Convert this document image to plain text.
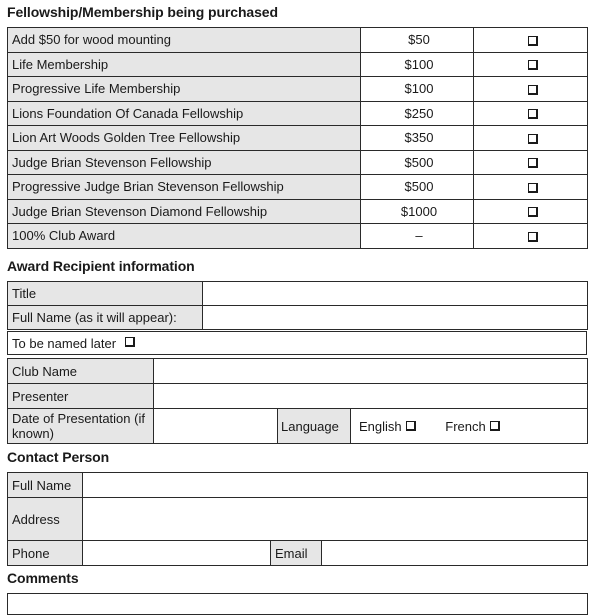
Fellowship/Membership being purchased
Add $50 for wood mounting	$50	
Life Membership	$100	
Progressive Life Membership	$100	
Lions Foundation Of Canada Fellowship	$250	
Lion Art Woods Golden Tree Fellowship	$350	
Judge Brian Stevenson Fellowship	$500	
Progressive Judge Brian Stevenson Fellowship	$500	
Judge Brian Stevenson Diamond Fellowship	$1000	
100% Club Award	–	
Award Recipient information
Title	
Full Name (as it will appear):	
To be named later
Club Name			
Presenter			
Date of Presentation (if known)		Language	English French
Contact Person
Full Name			
Address			
Phone		Email	
Comments
